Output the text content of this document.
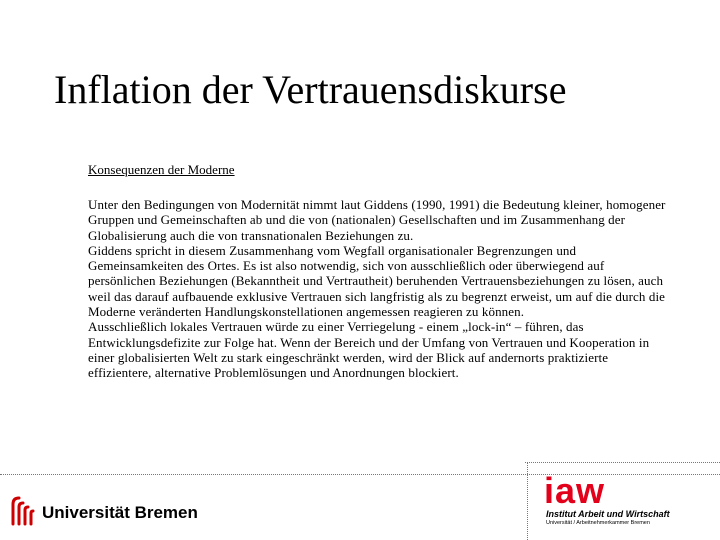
Inflation der Vertrauensdiskurse
Konsequenzen der Moderne

Unter den Bedingungen von Modernität nimmt laut Giddens (1990, 1991) die Bedeutung kleiner, homogener Gruppen und Gemeinschaften ab und die von (nationalen) Gesellschaften und im Zusammenhang der Globalisierung auch die von transnationalen Beziehungen zu.

Giddens spricht in diesem Zusammenhang vom Wegfall organisationaler Begrenzungen und Gemeinsamkeiten des Ortes. Es ist also notwendig, sich von ausschließlich oder überwiegend auf persönlichen Beziehungen (Bekanntheit und Vertrautheit) beruhenden Vertrauensbeziehungen zu lösen, auch weil das darauf aufbauende exklusive Vertrauen sich langfristig als zu begrenzt erweist, um auf die durch die Moderne veränderten Handlungskonstellationen angemessen reagieren zu können.

Ausschließlich lokales Vertrauen würde zu einer Verriegelung - einem „lock-in“ – führen, das Entwicklungsdefizite zur Folge hat. Wenn der Bereich und der Umfang von Vertrauen und Kooperation in einer globalisierten Welt zu stark eingeschränkt werden, wird der Blick auf andernorts praktizierte effizientere, alternative Problemlösungen und Anordnungen blockiert.

Universität Bremen
iaw
Institut Arbeit und Wirtschaft
Universität / Arbeitnehmerkammer Bremen
